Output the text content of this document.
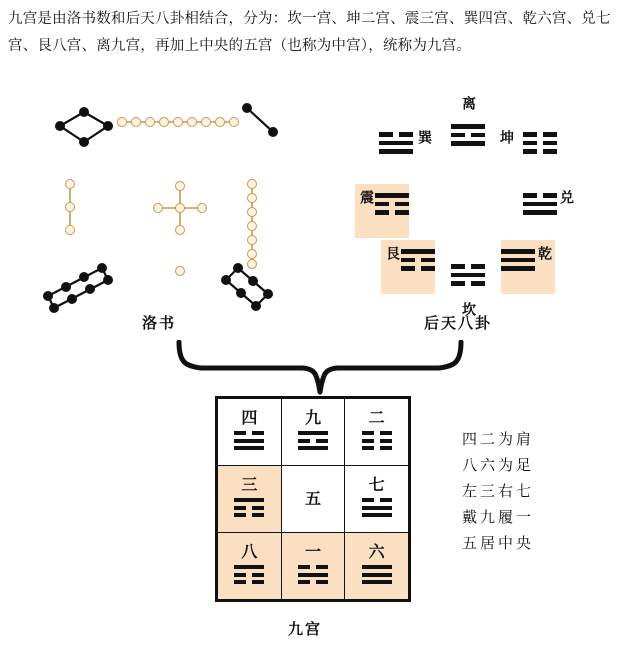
九宫是由洛书数和后天八卦相结合，分为：坎一宫、坤二宫、震三宫、巽四宫、乾六宫、兑七宫、艮八宫、离九宫，再加上中央的五宫（也称为中宫），统称为九宫。
洛书
离
巽	坤
震	兑
艮	乾
坎
后天八卦
四	九	二

三	五	七

八	一	六
九宫
四二为肩
八六为足
左三右七
戴九履一
五居中央
